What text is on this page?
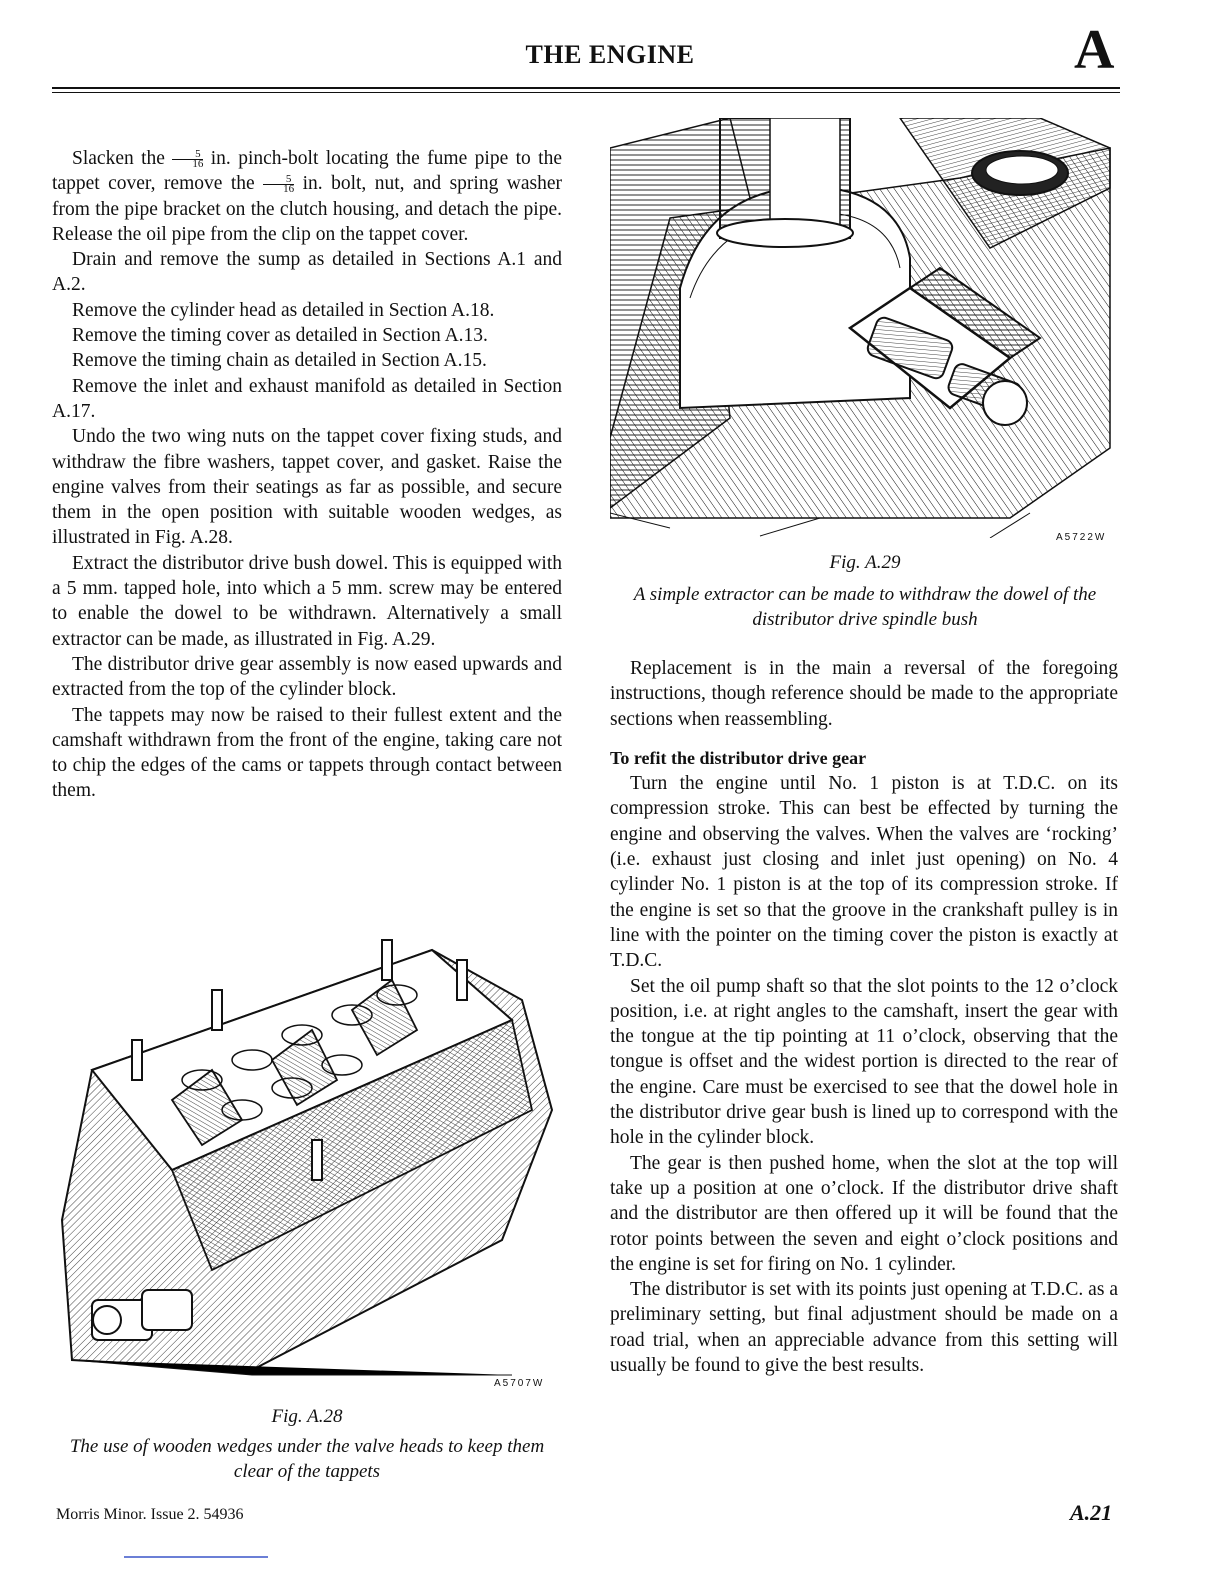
THE ENGINE	A

Slacken the $\frac{5}{16}$ in. pinch-bolt locating the fume pipe to the tappet cover, remove the $\frac{5}{16}$ in. bolt, nut, and spring washer from the pipe bracket on the clutch housing, and detach the pipe. Release the oil pipe from the clip on the tappet cover.

Drain and remove the sump as detailed in Sections A.1 and A.2.

Remove the cylinder head as detailed in Section A.18.

Remove the timing cover as detailed in Section A.13.

Remove the timing chain as detailed in Section A.15.

Remove the inlet and exhaust manifold as detailed in Section A.17.

Undo the two wing nuts on the tappet cover fixing studs, and withdraw the fibre washers, tappet cover, and gasket. Raise the engine valves from their seatings as far as possible, and secure them in the open position with suitable wooden wedges, as illustrated in Fig. A.28.

Extract the distributor drive bush dowel. This is equipped with a 5 mm. tapped hole, into which a 5 mm. screw may be entered to enable the dowel to be withdrawn. Alternatively a small extractor can be made, as illustrated in Fig. A.29.

The distributor drive gear assembly is now eased upwards and extracted from the top of the cylinder block.

The tappets may now be raised to their fullest extent and the camshaft withdrawn from the front of the engine, taking care not to chip the edges of the cams or tappets through contact between them.

A5722W
Fig. A.29
A simple extractor can be made to withdraw the dowel of the distributor drive spindle bush

Replacement is in the main a reversal of the foregoing instructions, though reference should be made to the appropriate sections when reassembling.

To refit the distributor drive gear

Turn the engine until No. 1 piston is at T.D.C. on its compression stroke. This can best be effected by turning the engine and observing the valves. When the valves are ‘rocking’ (i.e. exhaust just closing and inlet just opening) on No. 4 cylinder No. 1 piston is at the top of its compression stroke. If the engine is set so that the groove in the crankshaft pulley is in line with the pointer on the timing cover the piston is exactly at T.D.C.

Set the oil pump shaft so that the slot points to the 12 o’clock position, i.e. at right angles to the camshaft, insert the gear with the tongue at the tip pointing at 11 o’clock, observing that the tongue is offset and the widest portion is directed to the rear of the engine. Care must be exercised to see that the dowel hole in the distributor drive gear bush is lined up to correspond with the hole in the cylinder block.

The gear is then pushed home, when the slot at the top will take up a position at one o’clock. If the distributor drive shaft and the distributor are then offered up it will be found that the rotor points between the seven and eight o’clock positions and the engine is set for firing on No. 1 cylinder.

The distributor is set with its points just opening at T.D.C. as a preliminary setting, but final adjustment should be made on a road trial, when an appreciable advance from this setting will usually be found to give the best results.

A5707W
Fig. A.28
The use of wooden wedges under the valve heads to keep them clear of the tappets
Morris Minor. Issue 2. 54936	A.21
